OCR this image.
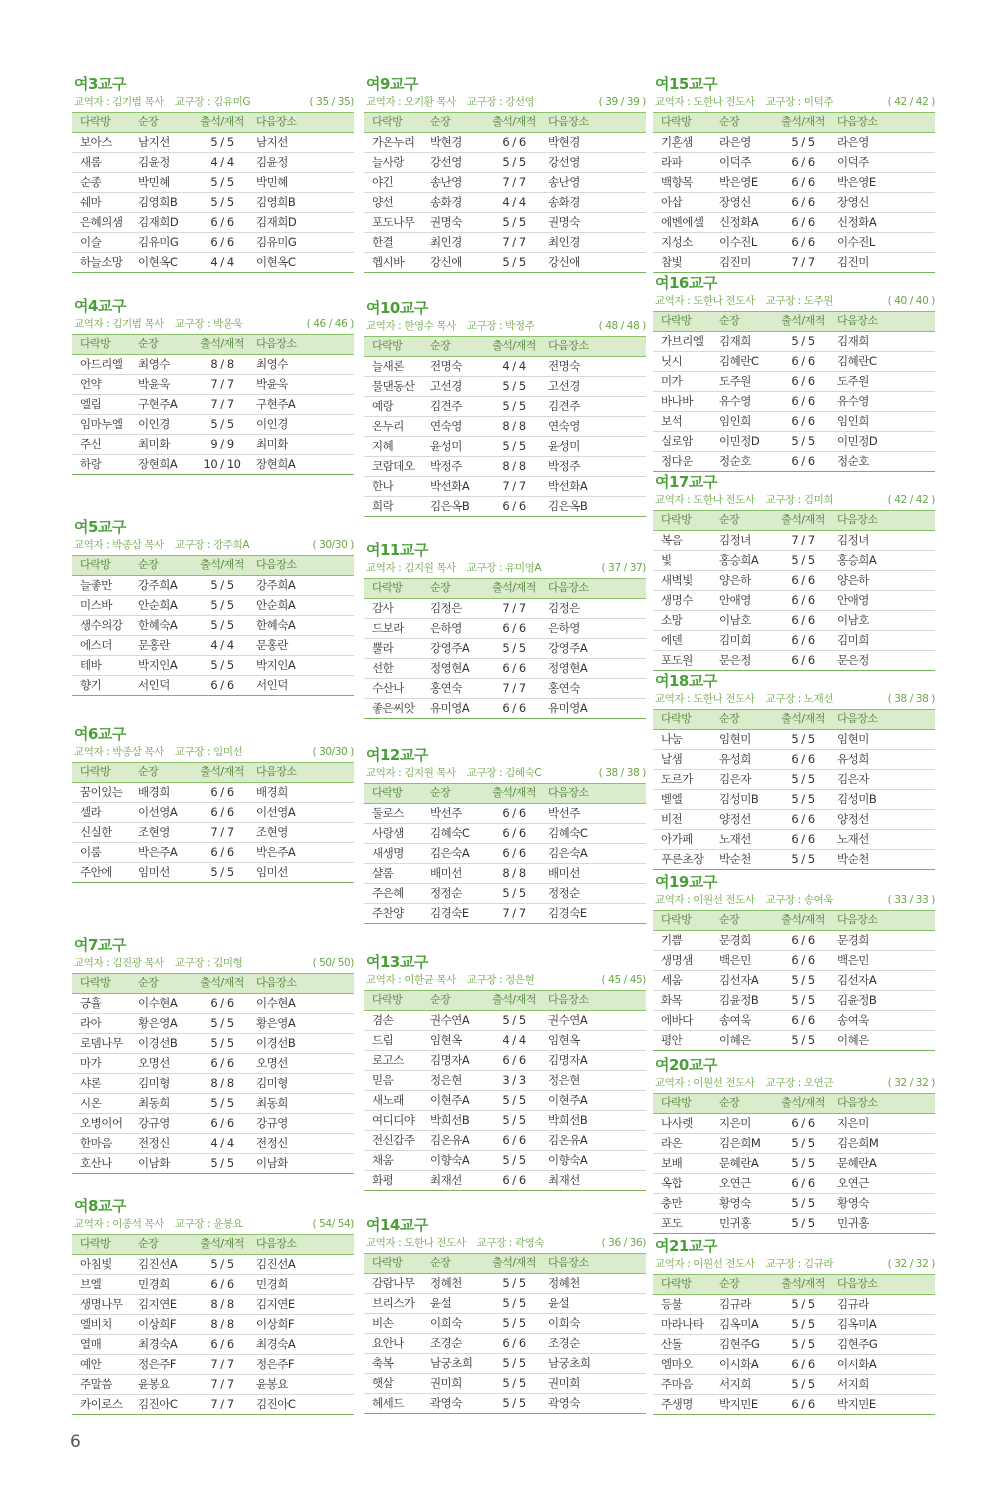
여3교구
교역자 : 김기범 목사 교구장 : 김유미G	( 35 / 35)
다락방	순장	출석/재적	다음장소
보아스	남지선	5 / 5	남지선
새롬	김윤정	4 / 4	김윤정
순종	박민혜	5 / 5	박민혜
쉐마	김영희B	5 / 5	김영희B
은혜의샘	김재희D	6 / 6	김재희D
이슬	김유미G	6 / 6	김유미G
하늘소망	이현옥C	4 / 4	이현옥C
여4교구
교역자 : 김기범 목사 교구장 : 박윤욱	( 46 / 46 )
다락방	순장	출석/재적	다음장소
아드리엘	최영수	8 / 8	최영수
언약	박윤욱	7 / 7	박윤욱
엘림	구현주A	7 / 7	구현주A
임마누엘	이인경	5 / 5	이인경
주신	최미화	9 / 9	최미화
하랑	장현희A	10 / 10	장현희A
여5교구
교역자 : 박종삼 목사 교구장 : 강주희A	( 30/30 )
다락방	순장	출석/재적	다음장소
늘좋만	강주희A	5 / 5	강주희A
미스바	안순희A	5 / 5	안순희A
생수의강	한혜숙A	5 / 5	한혜숙A
에스더	문홍란	4 / 4	문홍란
테바	박지인A	5 / 5	박지인A
향기	서인덕	6 / 6	서인덕
여6교구
교역자 : 박종삼 목사 교구장 : 임미선	( 30/30 )
다락방	순장	출석/재적	다음장소
꿈이있는	배경희	6 / 6	배경희
셀라	이선영A	6 / 6	이선영A
신실한	조현영	7 / 7	조현영
이룸	박은주A	6 / 6	박은주A
주안에	임미선	5 / 5	임미선
여7교구
교역자 : 김진광 목사 교구장 : 김미형	( 50/ 50)
다락방	순장	출석/재적	다음장소
긍휼	이수현A	6 / 6	이수현A
라아	황은영A	5 / 5	황은영A
로뎀나무	이경선B	5 / 5	이경선B
마가	오명선	6 / 6	오명선
샤론	김미형	8 / 8	김미형
시온	최동희	5 / 5	최동희
오병이어	강규영	6 / 6	강규영
한마음	전정신	4 / 4	전정신
호산나	이남화	5 / 5	이남화
여8교구
교역자 : 이종석 목사 교구장 : 윤봉요	( 54/ 54)
다락방	순장	출석/재적	다음장소
아침빛	김진선A	5 / 5	김진선A
브엘	민경희	6 / 6	민경희
생명나무	김지연E	8 / 8	김지연E
엘비치	이상희F	8 / 8	이상희F
열매	최경숙A	6 / 6	최경숙A
예안	정은주F	7 / 7	정은주F
주말씀	윤봉요	7 / 7	윤봉요
카이로스	김진아C	7 / 7	김진아C
여9교구
교역자 : 오기환 목사 교구장 : 강선영	( 39 / 39 )
다락방	순장	출석/재적	다음장소
가온누리	박현경	6 / 6	박현경
늘사랑	강선영	5 / 5	강선영
야긴	송난영	7 / 7	송난영
양선	송화경	4 / 4	송화경
포도나무	권명숙	5 / 5	권명숙
한결	최인경	7 / 7	최인경
헵시바	강신애	5 / 5	강신애
여10교구
교역자 : 한영수 목사 교구장 : 박정주	( 48 / 48 )
다락방	순장	출석/재적	다음장소
늘새론	전명숙	4 / 4	전명숙
물댄동산	고선경	5 / 5	고선경
예랑	김견주	5 / 5	김견주
온누리	연숙영	8 / 8	연숙영
지혜	윤성미	5 / 5	윤성미
코람데오	박정주	8 / 8	박정주
한나	박선화A	7 / 7	박선화A
희락	김은옥B	6 / 6	김은옥B
여11교구
교역자 : 김지원 목사 교구장 : 유미영A	( 37 / 37)
다락방	순장	출석/재적	다음장소
감사	김정은	7 / 7	김정은
드보라	은하영	6 / 6	은하영
뿔라	강영주A	5 / 5	강영주A
선한	정영현A	6 / 6	정영현A
수산나	홍연숙	7 / 7	홍연숙
좋은씨앗	유미영A	6 / 6	유미영A
여12교구
교역자 : 김지원 목사 교구장 : 김혜숙C	( 38 / 38 )
다락방	순장	출석/재적	다음장소
둘로스	박선주	6 / 6	박선주
사랑샘	김혜숙C	6 / 6	김혜숙C
새생명	김은숙A	6 / 6	김은숙A
샬롬	배미선	8 / 8	배미선
주은혜	정정순	5 / 5	정정순
주찬양	김경숙E	7 / 7	김경숙E
여13교구
교역자 : 이한균 목사 교구장 : 정은현	( 45 / 45)
다락방	순장	출석/재적	다음장소
겸손	권수연A	5 / 5	권수연A
드림	임현옥	4 / 4	임현옥
로고스	김명자A	6 / 6	김명자A
믿음	정은현	3 / 3	정은현
새노래	이현주A	5 / 5	이현주A
여디디야	박희선B	5 / 5	박희선B
전신갑주	김온유A	6 / 6	김온유A
채움	이향숙A	5 / 5	이향숙A
화평	최재선	6 / 6	최재선
여14교구
교역자 : 도한나 전도사 교구장 : 곽영숙	( 36 / 36)
다락방	순장	출석/재적	다음장소
감람나무	정혜천	5 / 5	정혜천
브리스가	윤설	5 / 5	윤설
비손	이희숙	5 / 5	이희숙
요안나	조경순	6 / 6	조경순
축복	남궁초희	5 / 5	남궁초희
햇살	권미희	5 / 5	권미희
헤세드	곽영숙	5 / 5	곽영숙
여15교구
교역자 : 도한나 전도사 교구장 : 이덕주	( 42 / 42 )
다락방	순장	출석/재적	다음장소
기혼샘	라은영	5 / 5	라은영
라파	이덕주	6 / 6	이덕주
백향목	박은영E	6 / 6	박은영E
아삽	장영신	6 / 6	장영신
에벤에셀	신정화A	6 / 6	신정화A
지성소	이수진L	6 / 6	이수진L
참빛	김진미	7 / 7	김진미
여16교구
교역자 : 도한나 전도사 교구장 : 도주원	( 40 / 40 )
다락방	순장	출석/재적	다음장소
가브리엘	김재희	5 / 5	김재희
닛시	김혜란C	6 / 6	김혜란C
미가	도주원	6 / 6	도주원
바나바	유수영	6 / 6	유수영
보석	임인희	6 / 6	임인희
실로암	이민정D	5 / 5	이민정D
정다운	정순호	6 / 6	정순호
여17교구
교역자 : 도한나 전도사 교구장 : 김미희	( 42 / 42 )
다락방	순장	출석/재적	다음장소
복음	김정녀	7 / 7	김정녀
빛	홍승희A	5 / 5	홍승희A
새벽빛	양은하	6 / 6	양은하
생명수	안애영	6 / 6	안애영
소망	이남호	6 / 6	이남호
에덴	김미희	6 / 6	김미희
포도원	문은정	6 / 6	문은정
여18교구
교역자 : 도한나 전도사 교구장 : 노재선	( 38 / 38 )
다락방	순장	출석/재적	다음장소
나눔	임현미	5 / 5	임현미
날샘	유성희	6 / 6	유성희
도르가	김은자	5 / 5	김은자
벧엘	김성미B	5 / 5	김성미B
비전	양정선	6 / 6	양정선
아가페	노재선	6 / 6	노재선
푸른초장	박순천	5 / 5	박순천
여19교구
교역자 : 이원선 전도사 교구장 : 송여욱	( 33 / 33 )
다락방	순장	출석/재적	다음장소
기쁨	문경희	6 / 6	문경희
생명샘	백은민	6 / 6	백은민
세움	김선자A	5 / 5	김선자A
화목	김윤정B	5 / 5	김윤정B
에바다	송여욱	6 / 6	송여욱
평안	이혜은	5 / 5	이혜은
여20교구
교역자 : 이원선 전도사 교구장 : 오연근	( 32 / 32 )
다락방	순장	출석/재적	다음장소
나사렛	지은미	6 / 6	지은미
라온	김은희M	5 / 5	김은희M
보배	문혜란A	5 / 5	문혜란A
옥합	오연근	6 / 6	오연근
충만	황영숙	5 / 5	황영숙
포도	민귀홍	5 / 5	민귀홍
여21교구
교역자 : 이원선 전도사 교구장 : 김규라	( 32 / 32 )
다락방	순장	출석/재적	다음장소
등불	김규라	5 / 5	김규라
마라나타	김옥미A	5 / 5	김옥미A
산돌	김현주G	5 / 5	김현주G
엠마오	이시화A	6 / 6	이시화A
주마음	서지희	5 / 5	서지희
주생명	박지민E	6 / 6	박지민E
6
